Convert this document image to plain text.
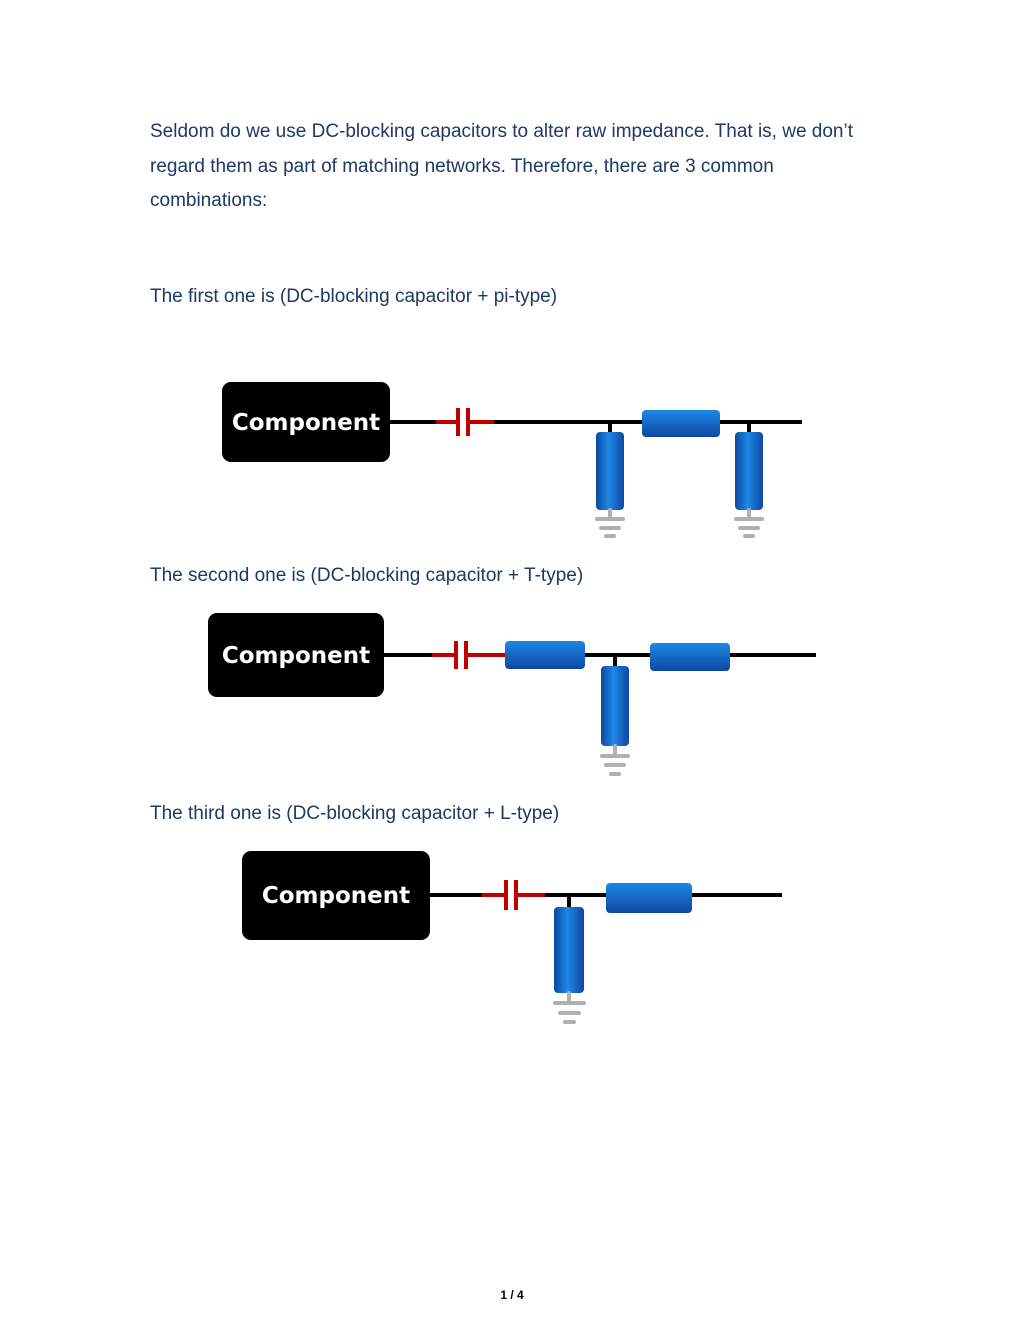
Seldom do we use DC-blocking capacitors to alter raw impedance. That is, we don’t regard them as part of matching networks. Therefore, there are 3 common combinations:

The first one is (DC-blocking capacitor + pi-type)

Component

The second one is (DC-blocking capacitor + T-type)

Component

The third one is (DC-blocking capacitor + L-type)

Component
1 / 4
